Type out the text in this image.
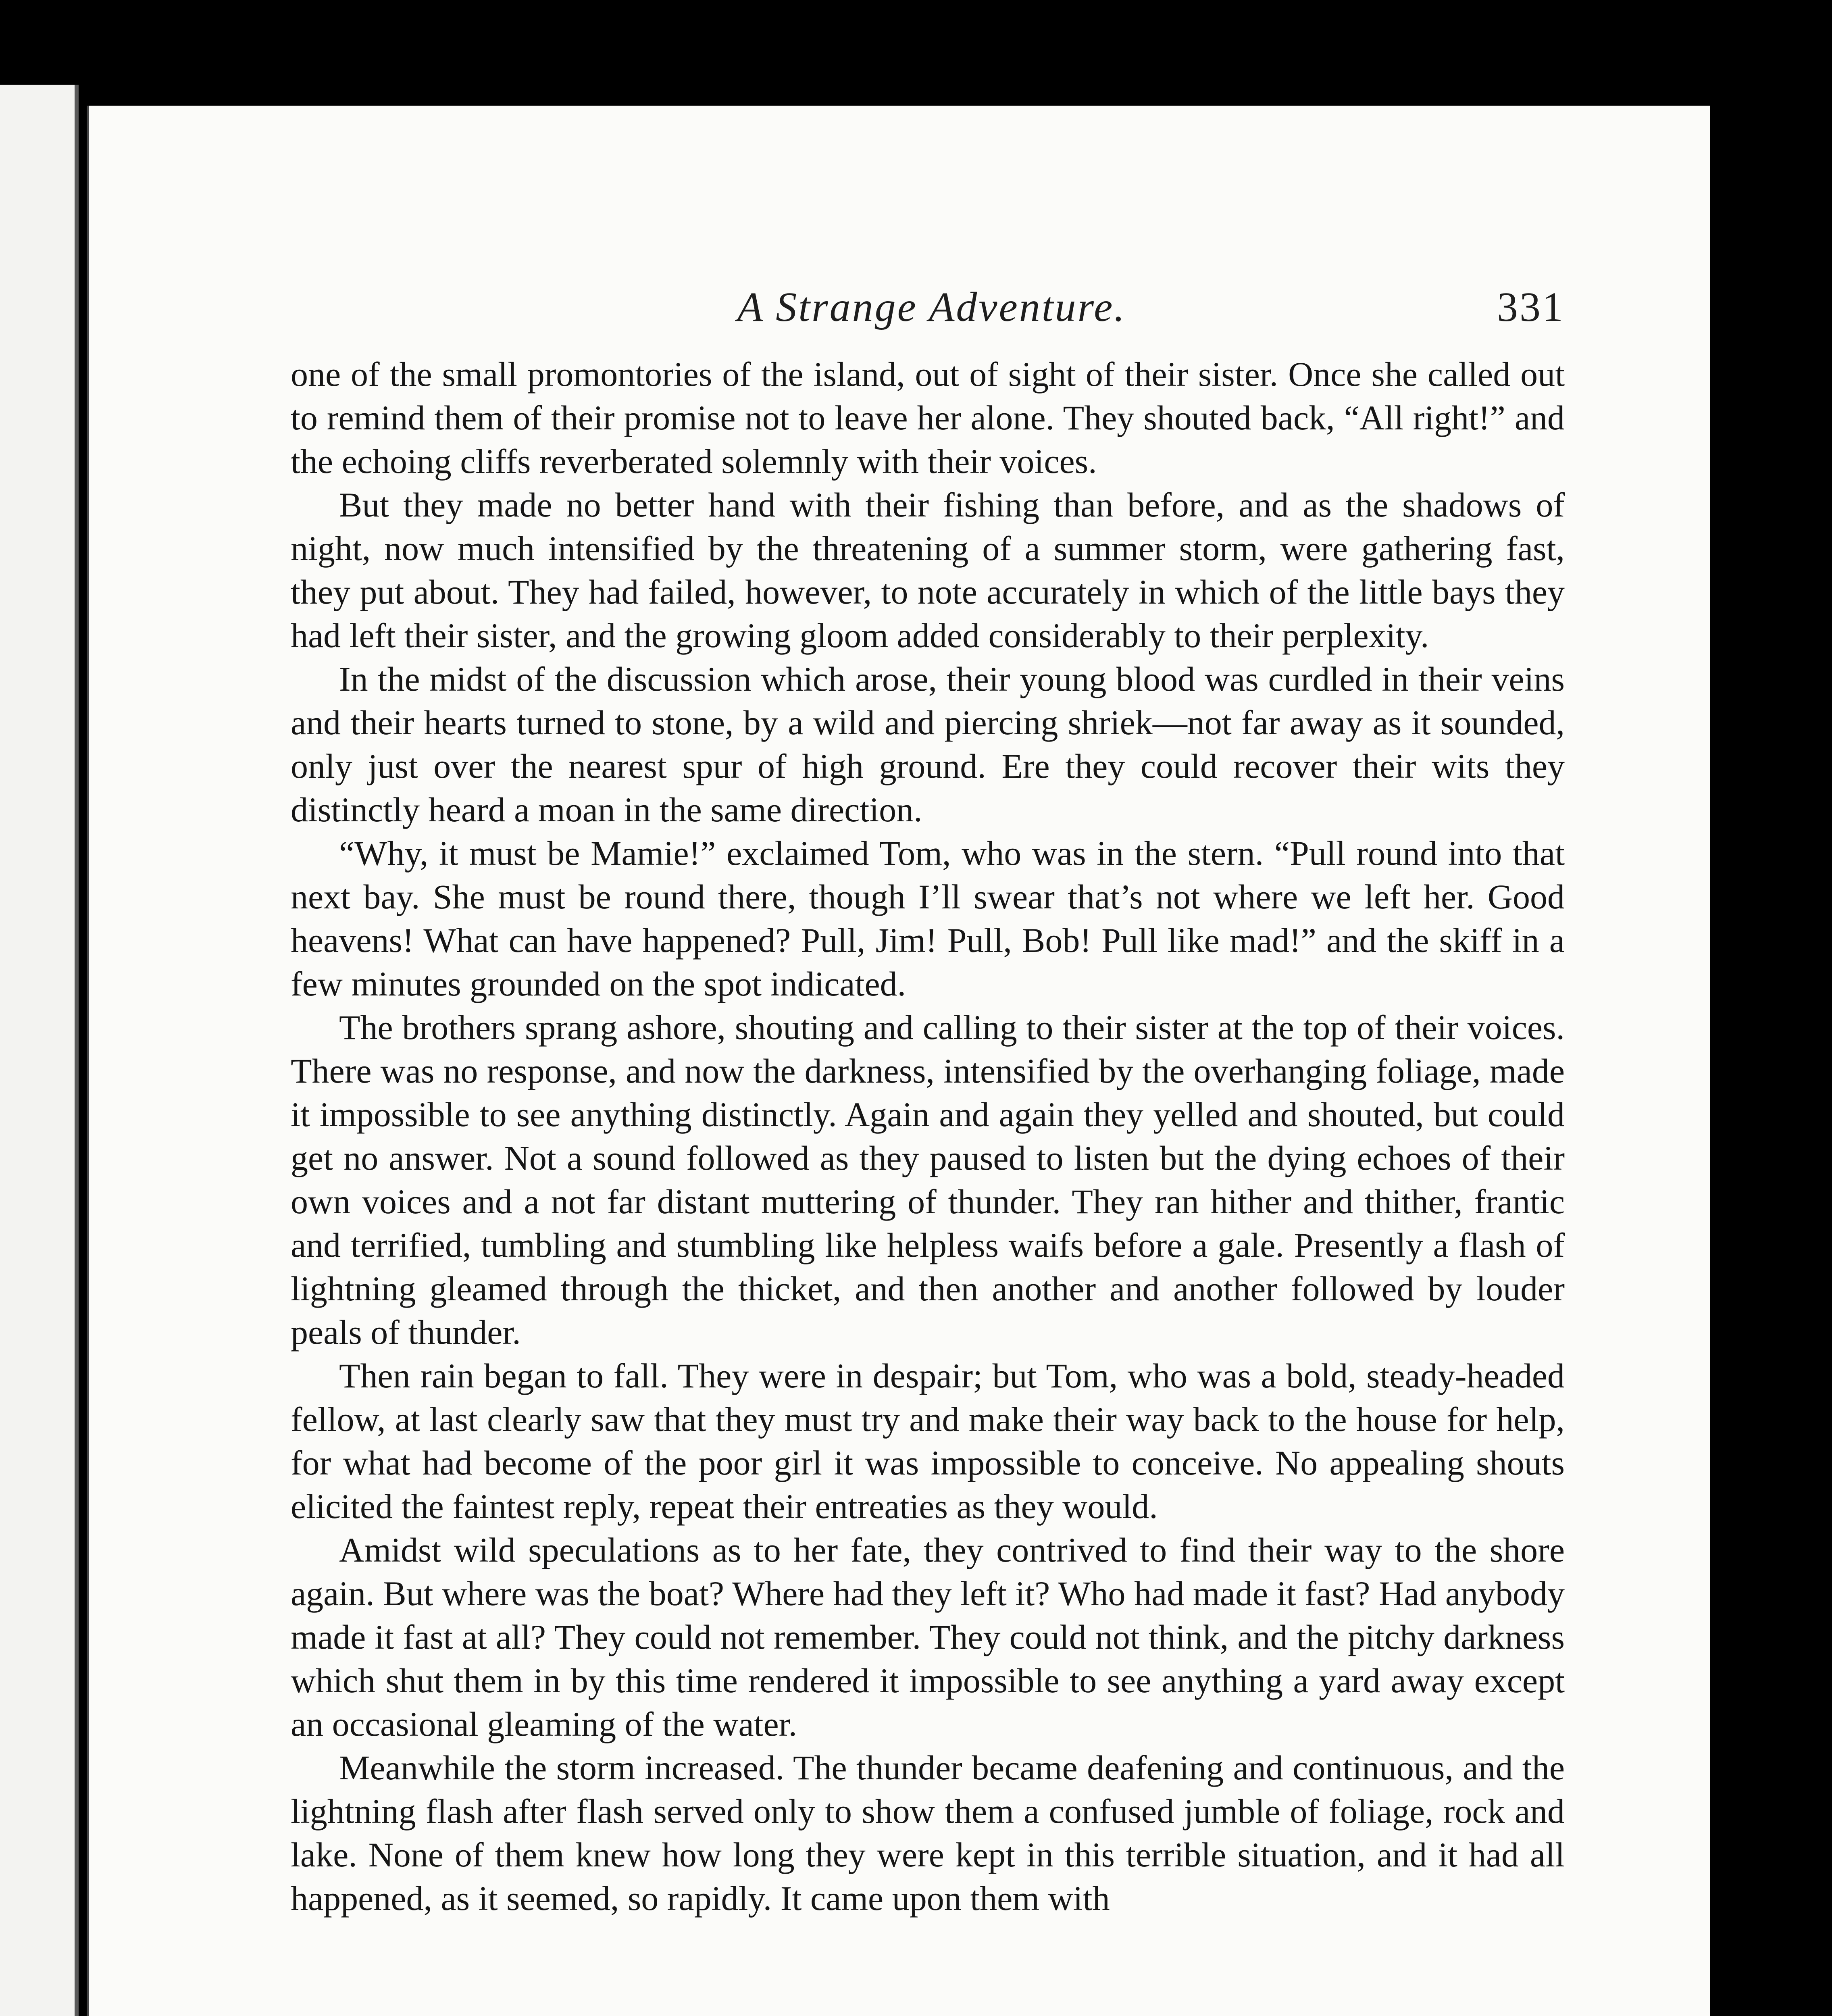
A Strange Adventure.	331

one of the small promontories of the island, out of sight of their sister. Once she called out to remind them of their promise not to leave her alone. They shouted back, “All right!” and the echoing cliffs reverberated solemnly with their voices.

But they made no better hand with their fishing than before, and as the shadows of night, now much intensified by the threatening of a summer storm, were gathering fast, they put about. They had failed, however, to note accurately in which of the little bays they had left their sister, and the growing gloom added considerably to their perplexity.

In the midst of the discussion which arose, their young blood was curdled in their veins and their hearts turned to stone, by a wild and piercing shriek—not far away as it sounded, only just over the nearest spur of high ground. Ere they could recover their wits they distinctly heard a moan in the same direction.

“Why, it must be Mamie!” exclaimed Tom, who was in the stern. “Pull round into that next bay. She must be round there, though I’ll swear that’s not where we left her. Good heavens! What can have happened? Pull, Jim! Pull, Bob! Pull like mad!” and the skiff in a few minutes grounded on the spot indicated.

The brothers sprang ashore, shouting and calling to their sister at the top of their voices. There was no response, and now the darkness, intensified by the overhanging foliage, made it impossible to see anything distinctly. Again and again they yelled and shouted, but could get no answer. Not a sound followed as they paused to listen but the dying echoes of their own voices and a not far distant muttering of thunder. They ran hither and thither, frantic and terrified, tumbling and stumbling like helpless waifs before a gale. Presently a flash of lightning gleamed through the thicket, and then another and another followed by louder peals of thunder.

Then rain began to fall. They were in despair; but Tom, who was a bold, steady-headed fellow, at last clearly saw that they must try and make their way back to the house for help, for what had become of the poor girl it was impossible to conceive. No appealing shouts elicited the faintest reply, repeat their entreaties as they would.

Amidst wild speculations as to her fate, they contrived to find their way to the shore again. But where was the boat? Where had they left it? Who had made it fast? Had anybody made it fast at all? They could not remember. They could not think, and the pitchy darkness which shut them in by this time rendered it impossible to see anything a yard away except an occasional gleaming of the water.

Meanwhile the storm increased. The thunder became deafening and continuous, and the lightning flash after flash served only to show them a confused jumble of foliage, rock and lake. None of them knew how long they were kept in this terrible situation, and it had all happened, as it seemed, so rapidly. It came upon them with
